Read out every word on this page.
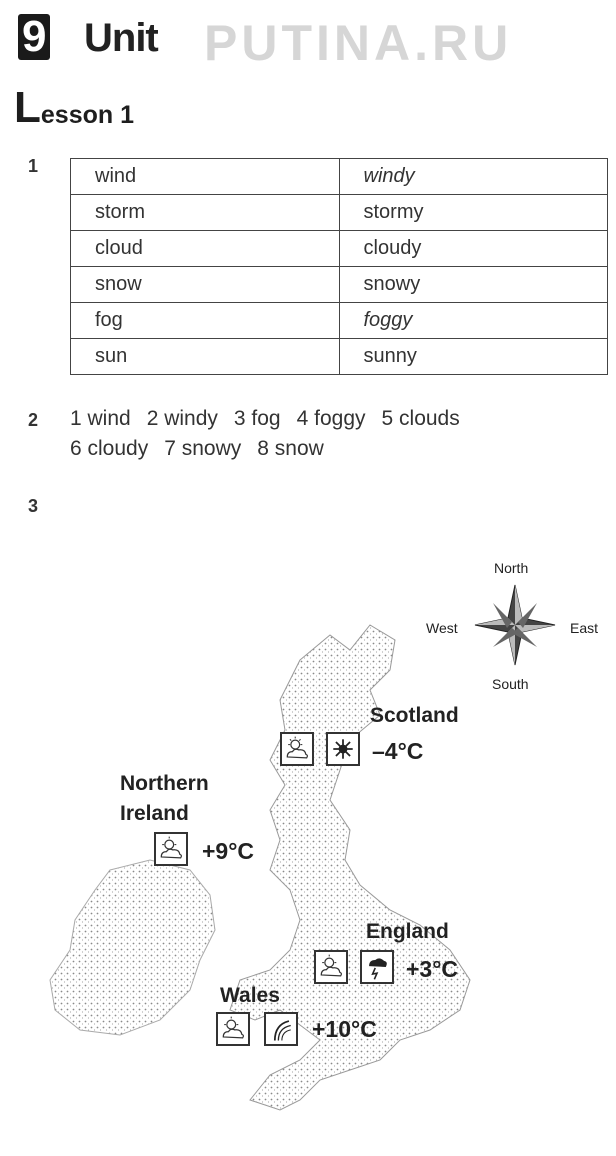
PUTINA.RU
9 Unit
L esson 1
1	wind	windy
storm	stormy
cloud	cloudy
snow	snowy
fog	foggy
sun	sunny
2 1 wind 2 windy 3 fog 4 foggy 5 clouds
6 cloudy 7 snowy 8 snow
3
North
South
West	East
Scotland
–4°C
Northern
Ireland
+9°C
England
+3°C
Wales
+10°C
